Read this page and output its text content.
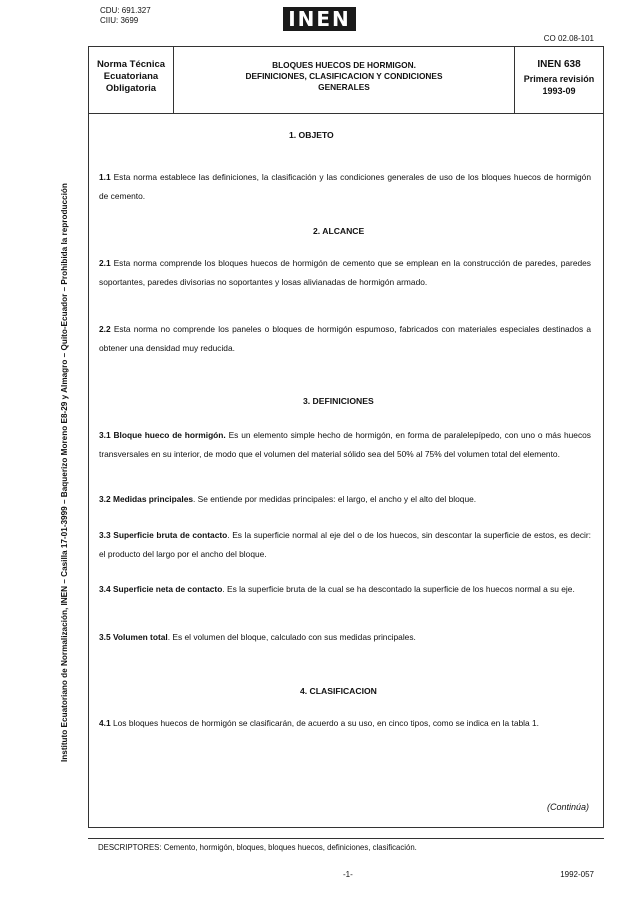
Instituto Ecuatoriano de Normalización, INEN – Casilla 17-01-3999 – Baquerizo Moreno E8-29 y Almagro – Quito-Ecuador – Prohibida la reproducción
CDU: 691.327
CIIU: 3699	INEN
CO 02.08-101
Norma Técnica
Ecuatoriana
Obligatoria
BLOQUES HUECOS DE HORMIGON.
DEFINICIONES, CLASIFICACION Y CONDICIONES
GENERALES
INEN 638
Primera revisión
1993-09
1. OBJETO
1.1 Esta norma establece las definiciones, la clasificación y las condiciones generales de uso de los bloques huecos de hormigón de cemento.
2. ALCANCE
2.1 Esta norma comprende los bloques huecos de hormigón de cemento que se emplean en la construcción de paredes, paredes soportantes, paredes divisorias no soportantes y losas alivianadas de hormigón armado.
2.2 Esta norma no comprende los paneles o bloques de hormigón espumoso, fabricados con materiales especiales destinados a obtener una densidad muy reducida.
3. DEFINICIONES
3.1 Bloque hueco de hormigón. Es un elemento simple hecho de hormigón, en forma de paralelepípedo, con uno o más huecos transversales en su interior, de modo que el volumen del material sólido sea del 50% al 75% del volumen total del elemento.
3.2 Medidas principales. Se entiende por medidas principales: el largo, el ancho y el alto del bloque.
3.3 Superficie bruta de contacto. Es la superficie normal al eje del o de los huecos, sin descontar la superficie de estos, es decir: el producto del largo por el ancho del bloque.
3.4 Superficie neta de contacto. Es la superficie bruta de la cual se ha descontado la superficie de los huecos normal a su eje.
3.5 Volumen total. Es el volumen del bloque, calculado con sus medidas principales.
4. CLASIFICACION
4.1 Los bloques huecos de hormigón se clasificarán, de acuerdo a su uso, en cinco tipos, como se indica en la tabla 1.
(Continúa)
DESCRIPTORES: Cemento, hormigón, bloques, bloques huecos, definiciones, clasificación.
-1-	1992-057
